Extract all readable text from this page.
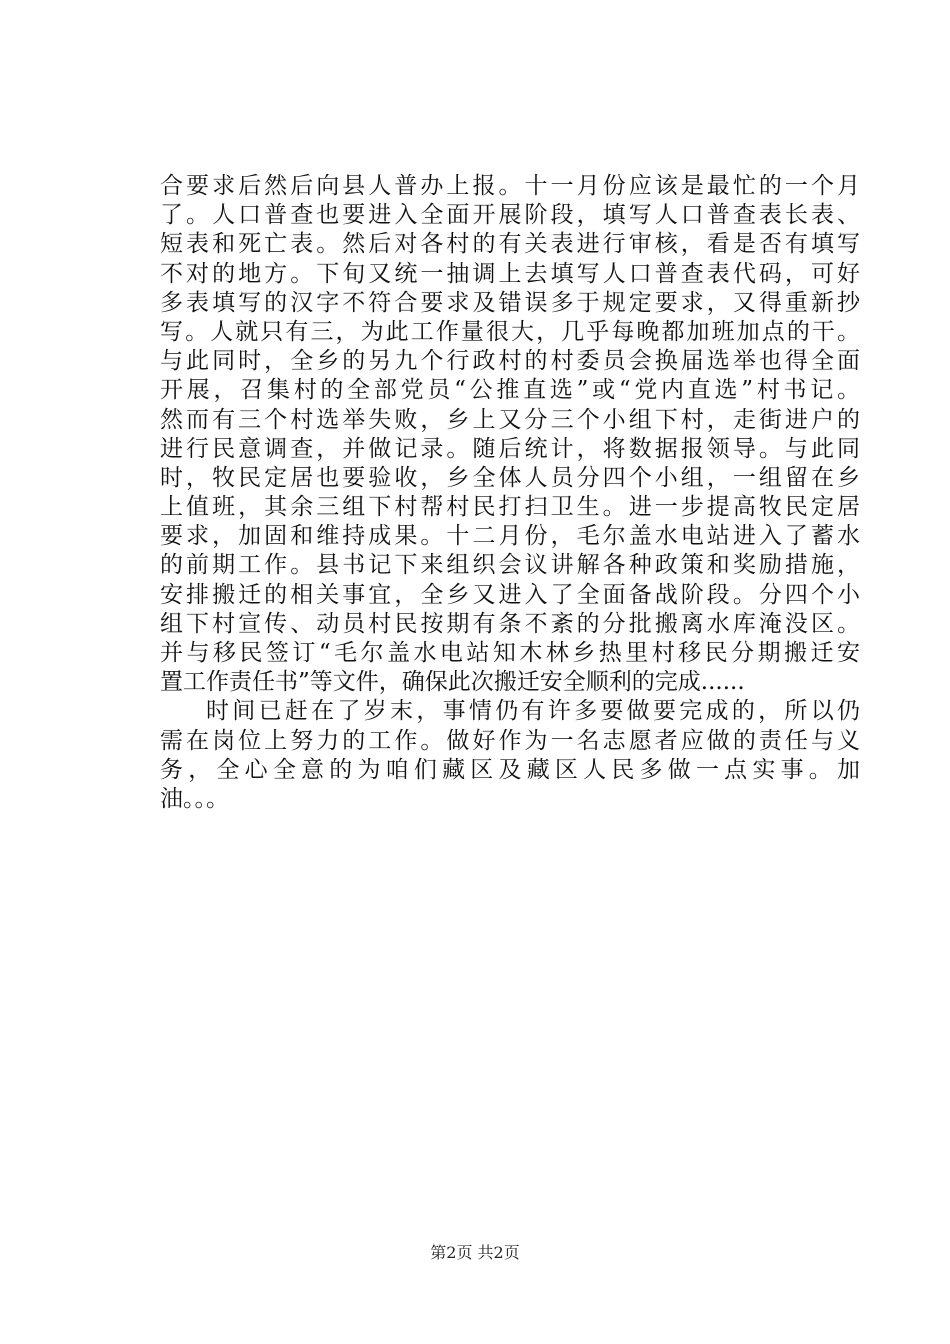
合要求后然后向县人普办上报。十一月份应该是最忙的一个月
了。人口普查也要进入全面开展阶段，填写人口普查表长表、
短表和死亡表。然后对各村的有关表进行审核，看是否有填写
不对的地方。下旬又统一抽调上去填写人口普查表代码，可好
多表填写的汉字不符合要求及错误多于规定要求，又得重新抄
写。人就只有三，为此工作量很大，几乎每晚都加班加点的干。
与此同时，全乡的另九个行政村的村委员会换届选举也得全面
开展，召集村的全部党员“公推直选”或“党内直选”村书记。
然而有三个村选举失败，乡上又分三个小组下村，走街进户的
进行民意调查，并做记录。随后统计，将数据报领导。与此同
时，牧民定居也要验收，乡全体人员分四个小组，一组留在乡
上值班，其余三组下村帮村民打扫卫生。进一步提高牧民定居
要求，加固和维持成果。十二月份，毛尔盖水电站进入了蓄水
的前期工作。县书记下来组织会议讲解各种政策和奖励措施，
安排搬迁的相关事宜，全乡又进入了全面备战阶段。分四个小
组下村宣传、动员村民按期有条不紊的分批搬离水库淹没区。
并与移民签订“毛尔盖水电站知木林乡热里村移民分期搬迁安
置工作责任书”等文件，确保此次搬迁安全顺利的完成......
时间已赶在了岁末，事情仍有许多要做要完成的，所以仍
需在岗位上努力的工作。做好作为一名志愿者应做的责任与义
务，全心全意的为咱们藏区及藏区人民多做一点实事。加
油。。。
第2页 共2页
